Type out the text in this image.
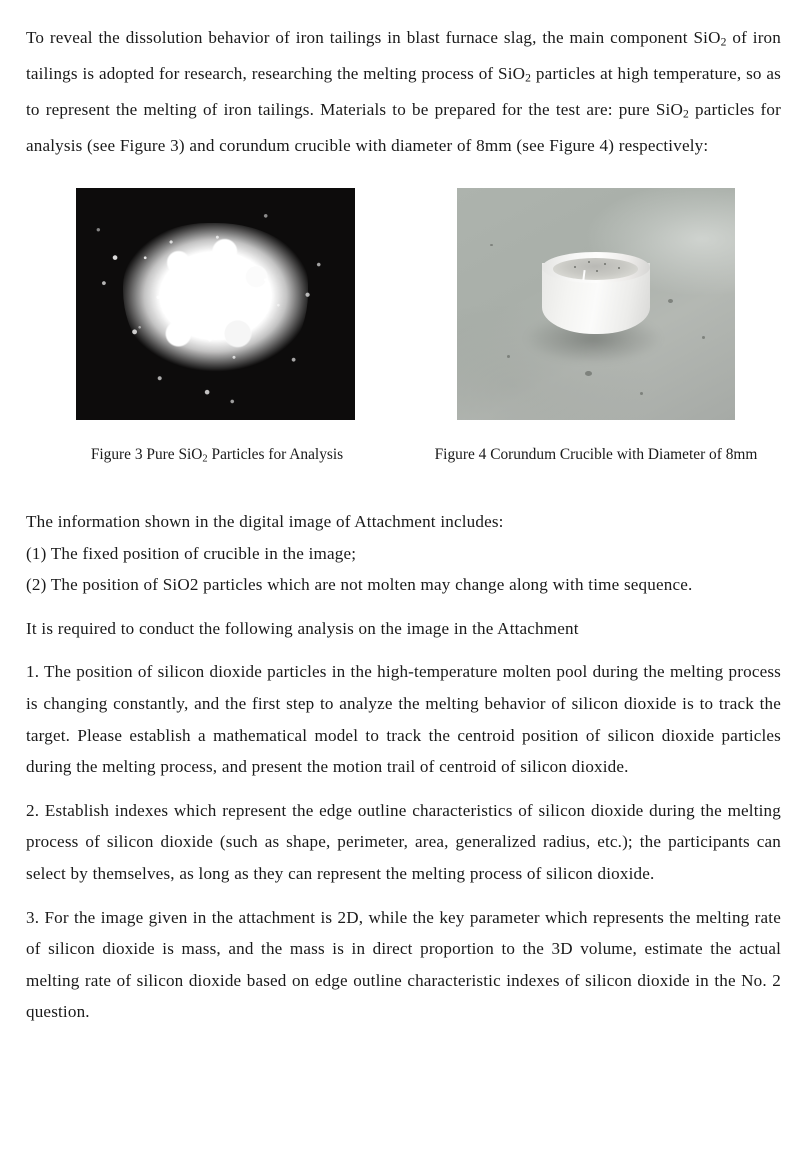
To reveal the dissolution behavior of iron tailings in blast furnace slag, the main component SiO$_2$ of iron tailings is adopted for research, researching the melting process of SiO$_2$ particles at high temperature, so as to represent the melting of iron tailings. Materials to be prepared for the test are: pure SiO$_2$ particles for analysis (see Figure 3) and corundum crucible with diameter of 8mm (see Figure 4) respectively:

Figure 3 Pure SiO$_2$ Particles for Analysis	Figure 4 Corundum Crucible with Diameter of 8mm

The information shown in the digital image of Attachment includes:

(1) The fixed position of crucible in the image;

(2) The position of SiO2 particles which are not molten may change along with time sequence.

It is required to conduct the following analysis on the image in the Attachment

1. The position of silicon dioxide particles in the high-temperature molten pool during the melting process is changing constantly, and the first step to analyze the melting behavior of silicon dioxide is to track the target. Please establish a mathematical model to track the centroid position of silicon dioxide particles during the melting process, and present the motion trail of centroid of silicon dioxide.

2. Establish indexes which represent the edge outline characteristics of silicon dioxide during the melting process of silicon dioxide (such as shape, perimeter, area, generalized radius, etc.); the participants can select by themselves, as long as they can represent the melting process of silicon dioxide.

3. For the image given in the attachment is 2D, while the key parameter which represents the melting rate of silicon dioxide is mass, and the mass is in direct proportion to the 3D volume, estimate the actual melting rate of silicon dioxide based on edge outline characteristic indexes of silicon dioxide in the No. 2 question.
